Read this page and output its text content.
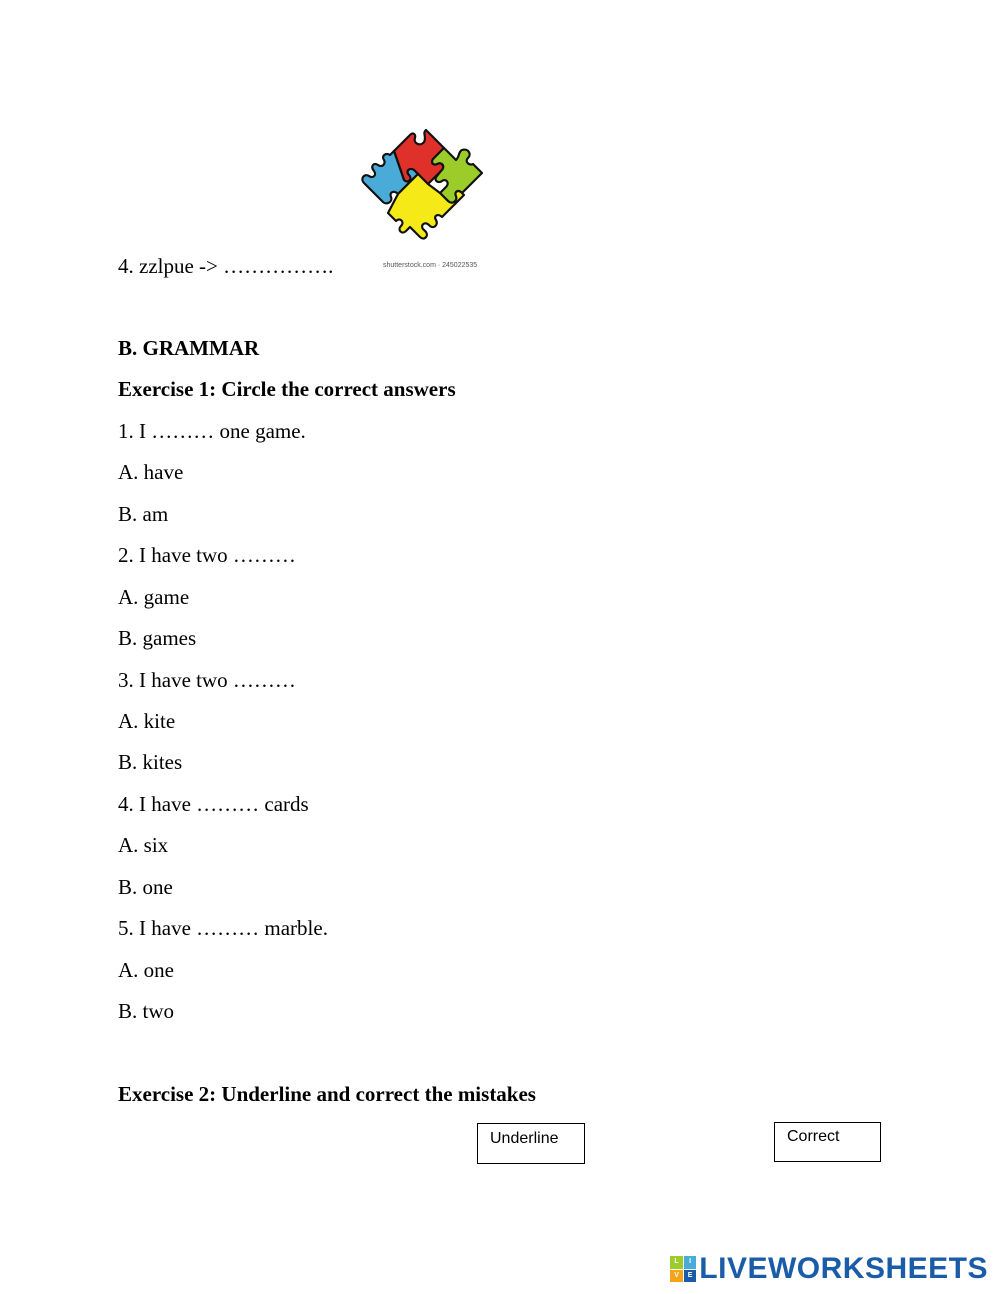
shutterstock.com · 245022535
4. zzlpue -> …………….
B. GRAMMAR
Exercise 1: Circle the correct answers
1. I ……… one game.
A. have
B. am
2. I have two ………
A. game
B. games
3. I have two ………
A. kite
B. kites
4. I have ……… cards
A. six
B. one
5. I have ……… marble.
A. one
B. two
Exercise 2: Underline and correct the mistakes
Underline	Correct
L	I
V	E LIVEWORKSHEETS
